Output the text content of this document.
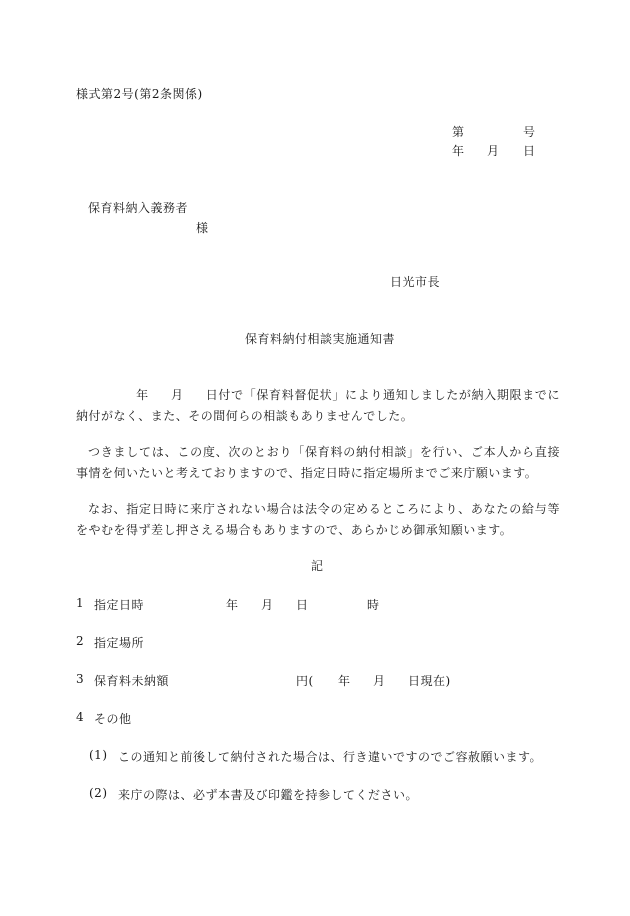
様式第2号(第2条関係)
第	号
年 月 日
保育料納入義務者
様
日光市長
保育料納付相談実施通知書
年 月 日付で「保育料督促状」により通知しましたが納入期限までに納付がなく、また、その間何らの相談もありませんでした。
つきましては、この度、次のとおり「保育料の納付相談」を行い、ご本人から直接事情を伺いたいと考えておりますので、指定日時に指定場所までご来庁願います。
なお、指定日時に来庁されない場合は法令の定めるところにより、あなたの給与等をやむを得ず差し押さえる場合もありますので、あらかじめ御承知願います。
記
1 指定日時	年 月 日	時
2 指定場所
3 保育料未納額	円( 年 月 日現在)
4 その他
(1) この通知と前後して納付された場合は、行き違いですのでご容赦願います。
(2) 来庁の際は、必ず本書及び印鑑を持参してください。
